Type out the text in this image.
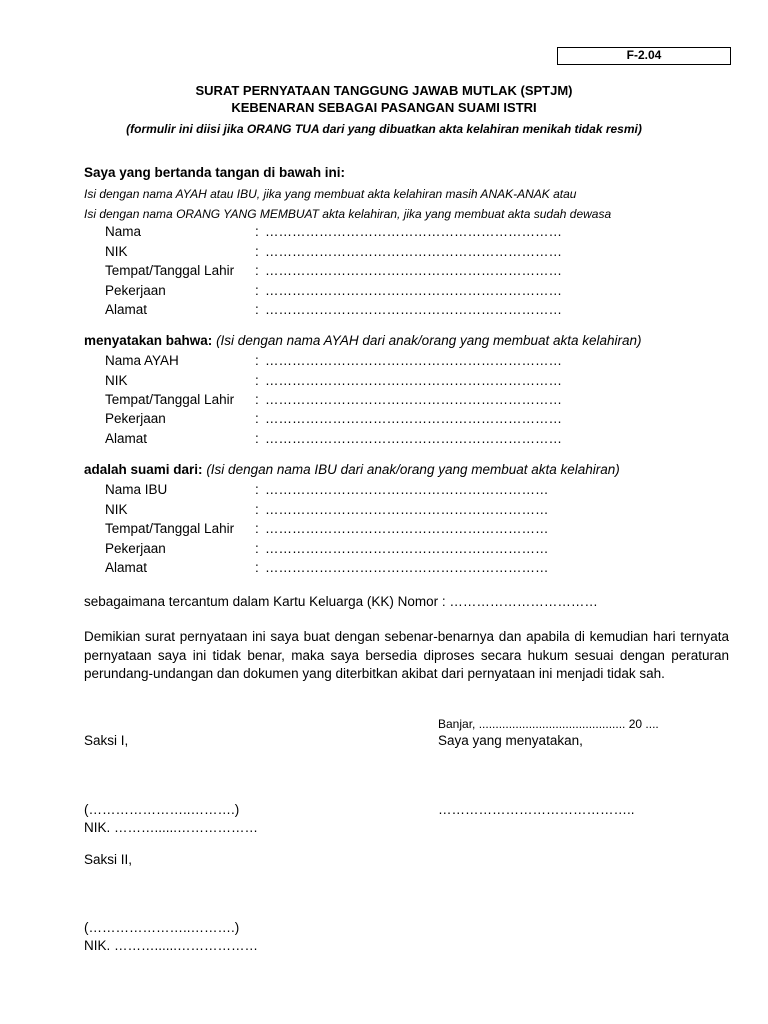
F-2.04
SURAT PERNYATAAN TANGGUNG JAWAB MUTLAK (SPTJM)
KEBENARAN SEBAGAI PASANGAN SUAMI ISTRI
(formulir ini diisi jika ORANG TUA dari yang dibuatkan akta kelahiran menikah tidak resmi)
Saya yang bertanda tangan di bawah ini:
Isi dengan nama AYAH atau IBU, jika yang membuat akta kelahiran masih ANAK-ANAK atau
Isi dengan nama ORANG YANG MEMBUAT akta kelahiran, jika yang membuat akta sudah dewasa
Nama	: …………………………………………………………
NIK	: …………………………………………………………
Tempat/Tanggal Lahir : …………………………………………………………
Pekerjaan	: …………………………………………………………
Alamat	: …………………………………………………………
menyatakan bahwa: (Isi dengan nama AYAH dari anak/orang yang membuat akta kelahiran)
Nama AYAH	: …………………………………………………………
NIK	: …………………………………………………………
Tempat/Tanggal Lahir : …………………………………………………………
Pekerjaan	: …………………………………………………………
Alamat	: …………………………………………………………
adalah suami dari: (Isi dengan nama IBU dari anak/orang yang membuat akta kelahiran)
Nama IBU	: ………………………………………………………
NIK	: ………………………………………………………
Tempat/Tanggal Lahir : ………………………………………………………
Pekerjaan	: ………………………………………………………
Alamat	: ………………………………………………………
sebagaimana tercantum dalam Kartu Keluarga (KK) Nomor : ……………………………
Demikian surat pernyataan ini saya buat dengan sebenar-benarnya dan apabila di kemudian hari ternyata pernyataan saya ini tidak benar, maka saya bersedia diproses secara hukum sesuai dengan peraturan perundang-undangan dan dokumen yang diterbitkan akibat dari pernyataan ini menjadi tidak sah.
Banjar, ............................................ 20 ....
Saksi I,	Saya yang menyatakan,
(…………………..……….)	……………………………………..
NIK. ………......………………
Saksi II,
(…………………..……….)
NIK. ………......………………
